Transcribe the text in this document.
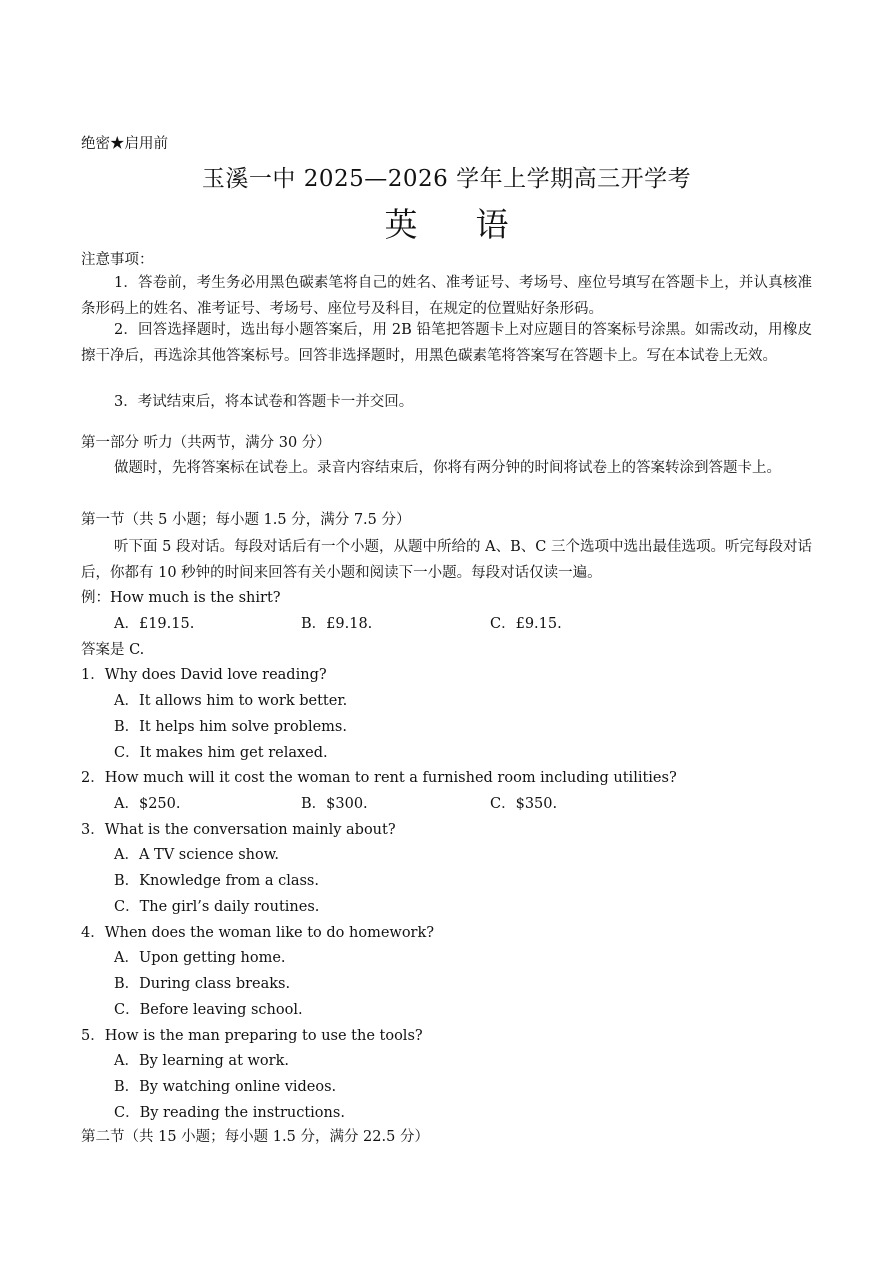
绝密★启用前
玉溪一中 2025—2026 学年上学期高三开学考
英 语
注意事项：
1．答卷前，考生务必用黑色碳素笔将自己的姓名、准考证号、考场号、座位号填写在答题卡上，并认真核准条形码上的姓名、准考证号、考场号、座位号及科目，在规定的位置贴好条形码。
2．回答选择题时，选出每小题答案后，用 2B 铅笔把答题卡上对应题目的答案标号涂黑。如需改动，用橡皮擦干净后，再选涂其他答案标号。回答非选择题时，用黑色碳素笔将答案写在答题卡上。写在本试卷上无效。
3．考试结束后，将本试卷和答题卡一并交回。
第一部分 听力（共两节，满分 30 分）
做题时，先将答案标在试卷上。录音内容结束后，你将有两分钟的时间将试卷上的答案转涂到答题卡上。
第一节（共 5 小题；每小题 1.5 分，满分 7.5 分）
听下面 5 段对话。每段对话后有一个小题，从题中所给的 A、B、C 三个选项中选出最佳选项。听完每段对话后，你都有 10 秒钟的时间来回答有关小题和阅读下一小题。每段对话仅读一遍。
例：How much is the shirt?
A．£19.15.	B．£9.18.	C．£9.15.
答案是 C.
1．Why does David love reading?
A．It allows him to work better.
B．It helps him solve problems.
C．It makes him get relaxed.
2．How much will it cost the woman to rent a furnished room including utilities?
A．$250.	B．$300.	C．$350.
3．What is the conversation mainly about?
A．A TV science show.
B．Knowledge from a class.
C．The girl’s daily routines.
4．When does the woman like to do homework?
A．Upon getting home.
B．During class breaks.
C．Before leaving school.
5．How is the man preparing to use the tools?
A．By learning at work.
B．By watching online videos.
C．By reading the instructions.
第二节（共 15 小题；每小题 1.5 分，满分 22.5 分）
